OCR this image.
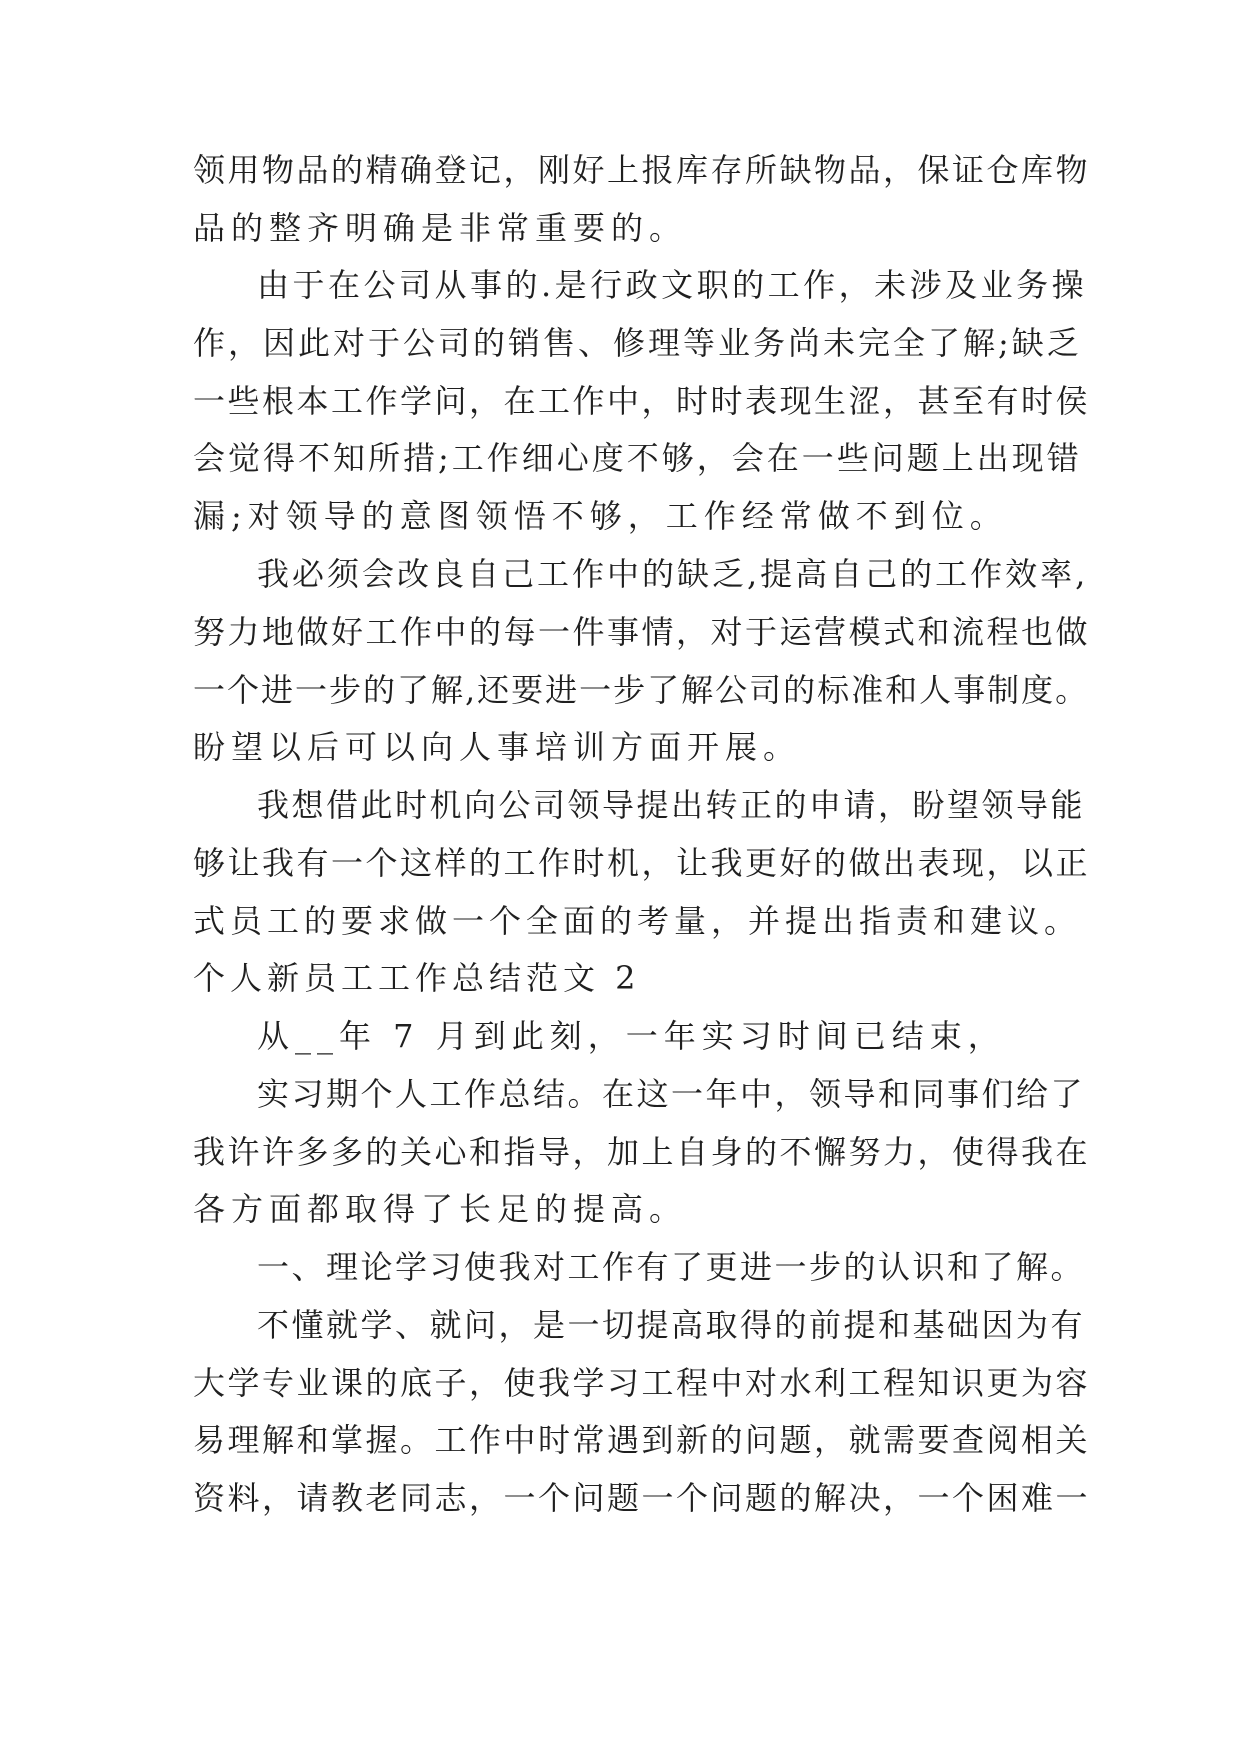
领用物品的精确登记，刚好上报库存所缺物品，保证仓库物

品的整齐明确是非常重要的。

由于在公司从事的.是行政文职的工作，未涉及业务操

作，因此对于公司的销售、修理等业务尚未完全了解;缺乏

一些根本工作学问，在工作中，时时表现生涩，甚至有时侯

会觉得不知所措;工作细心度不够，会在一些问题上出现错

漏;对领导的意图领悟不够，工作经常做不到位。

我必须会改良自己工作中的缺乏,提高自己的工作效率,

努力地做好工作中的每一件事情，对于运营模式和流程也做

一个进一步的了解,还要进一步了解公司的标准和人事制度。

盼望以后可以向人事培训方面开展。

我想借此时机向公司领导提出转正的申请，盼望领导能

够让我有一个这样的工作时机，让我更好的做出表现，以正

式员工的要求做一个全面的考量，并提出指责和建议。

个人新员工工作总结范文 2

从__年 7 月到此刻，一年实习时间已结束，

实习期个人工作总结。在这一年中，领导和同事们给了

我许许多多的关心和指导，加上自身的不懈努力，使得我在

各方面都取得了长足的提高。

一、理论学习使我对工作有了更进一步的认识和了解。

不懂就学、就问，是一切提高取得的前提和基础因为有

大学专业课的底子，使我学习工程中对水利工程知识更为容

易理解和掌握。工作中时常遇到新的问题，就需要查阅相关

资料，请教老同志，一个问题一个问题的解决，一个困难一
